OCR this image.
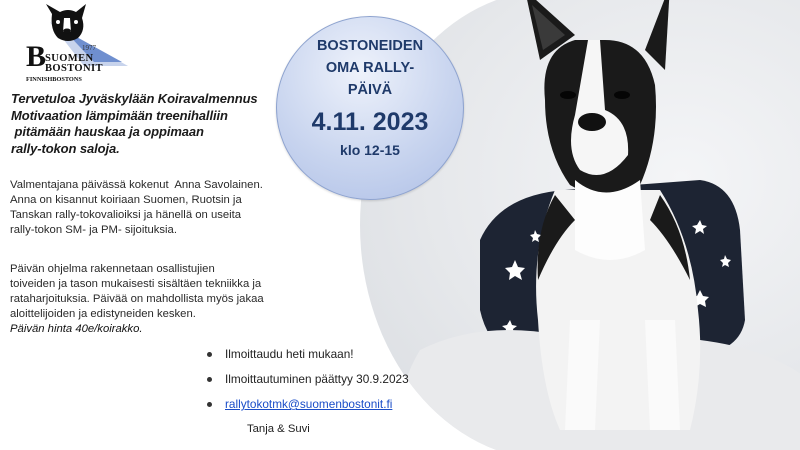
B	1977
SUOMEN
BOSTONIT
FINNISHBOSTONS
BOSTONEIDEN
OMA RALLY-
PÄIVÄ
4.11. 2023
klo 12-15
Tervetuloa Jyväskylään Koiravalmennus
Motivaation lämpimään treenihalliin
pitämään hauskaa ja oppimaan
rally-tokon saloja.
Valmentajana päivässä kokenut  Anna Savolainen.
Anna on kisannut koiriaan Suomen, Ruotsin ja
Tanskan rally-tokovalioiksi ja hänellä on useita
rally-tokon SM- ja PM- sijoituksia.
Päivän ohjelma rakennetaan osallistujien
toiveiden ja tason mukaisesti sisältäen tekniikka ja
rataharjoituksia. Päivää on mahdollista myös jakaa
aloittelijoiden ja edistyneiden kesken.
Päivän hinta 40e/koirakko.
Ilmoittaudu heti mukaan!
Ilmoittautuminen päättyy 30.9.2023
rallytokotmk@suomenbostonit.fi
Tanja & Suvi
